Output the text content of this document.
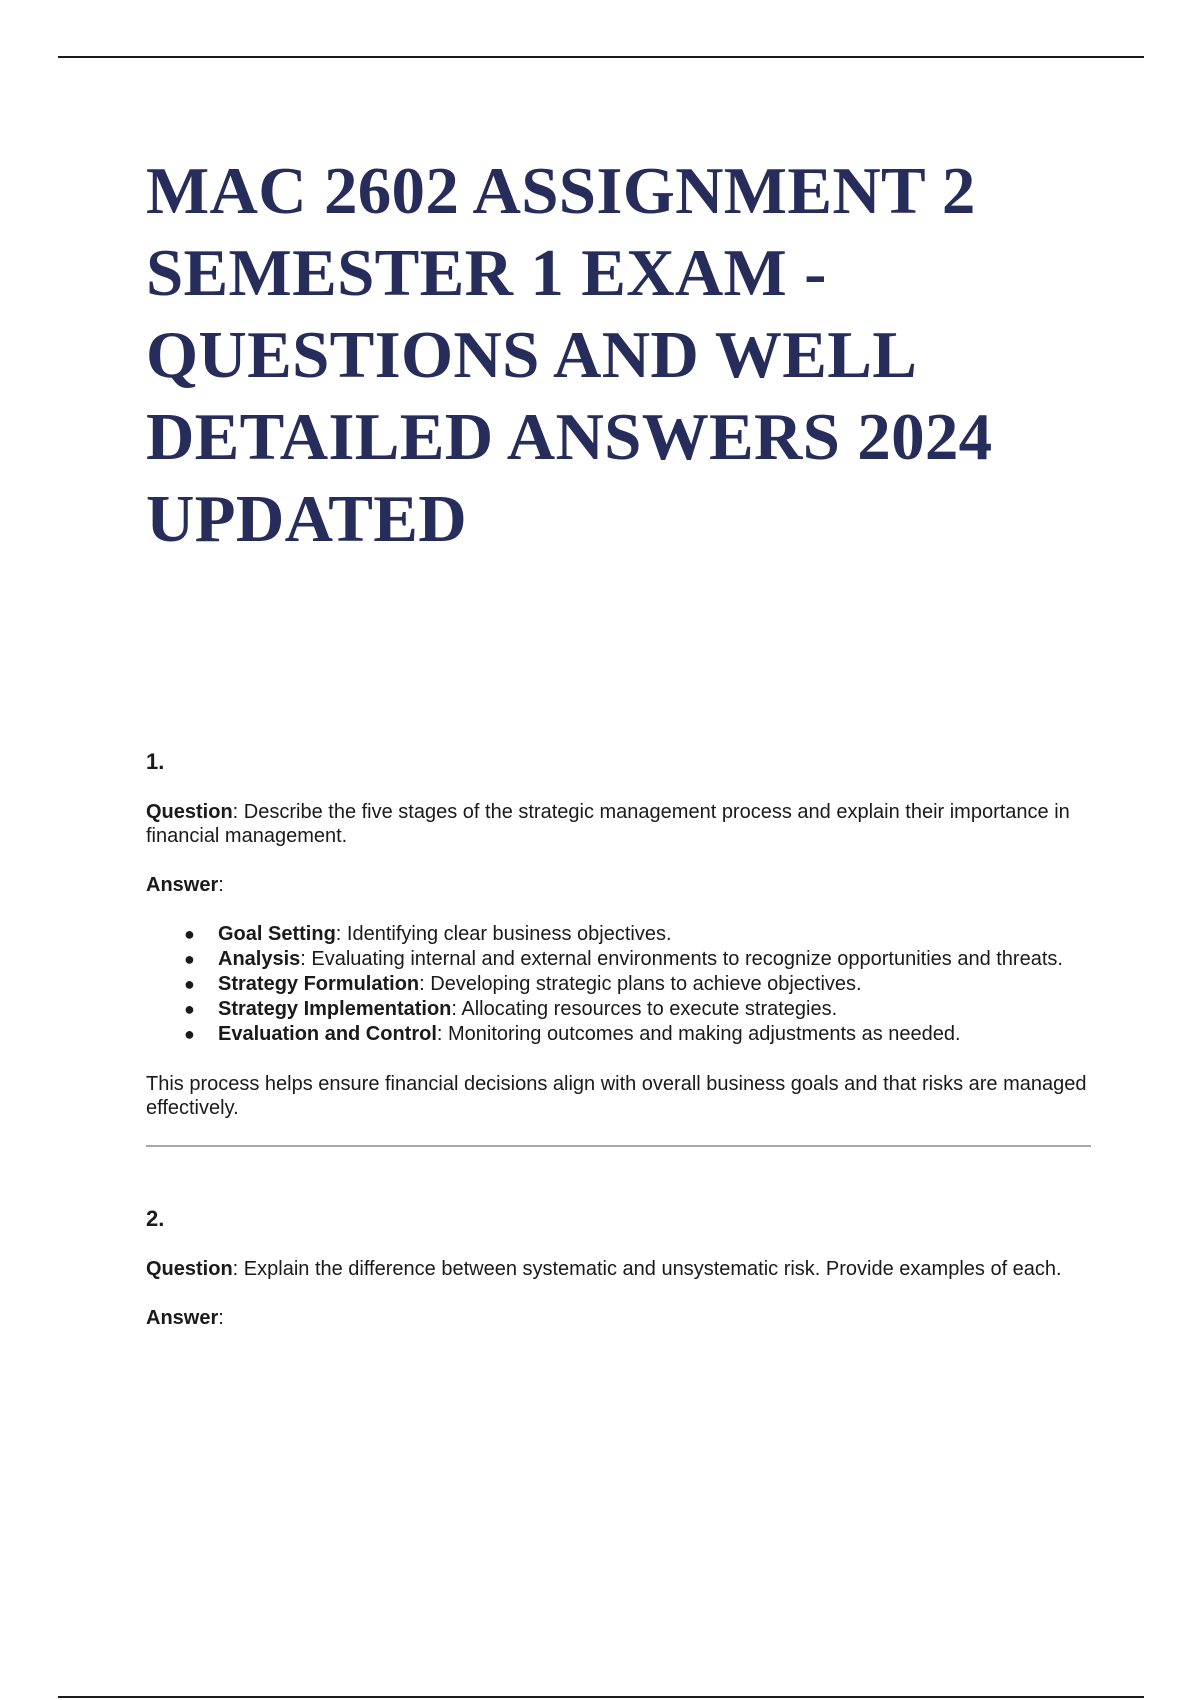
MAC 2602 ASSIGNMENT 2 SEMESTER 1 EXAM - QUESTIONS AND WELL DETAILED ANSWERS 2024 UPDATED
1.

Question: Describe the five stages of the strategic management process and explain their importance in financial management.

Answer:

● Goal Setting: Identifying clear business objectives.
● Analysis: Evaluating internal and external environments to recognize opportunities and threats.
● Strategy Formulation: Developing strategic plans to achieve objectives.
● Strategy Implementation: Allocating resources to execute strategies.
● Evaluation and Control: Monitoring outcomes and making adjustments as needed.

This process helps ensure financial decisions align with overall business goals and that risks are managed effectively.

2.

Question: Explain the difference between systematic and unsystematic risk. Provide examples of each.

Answer:
